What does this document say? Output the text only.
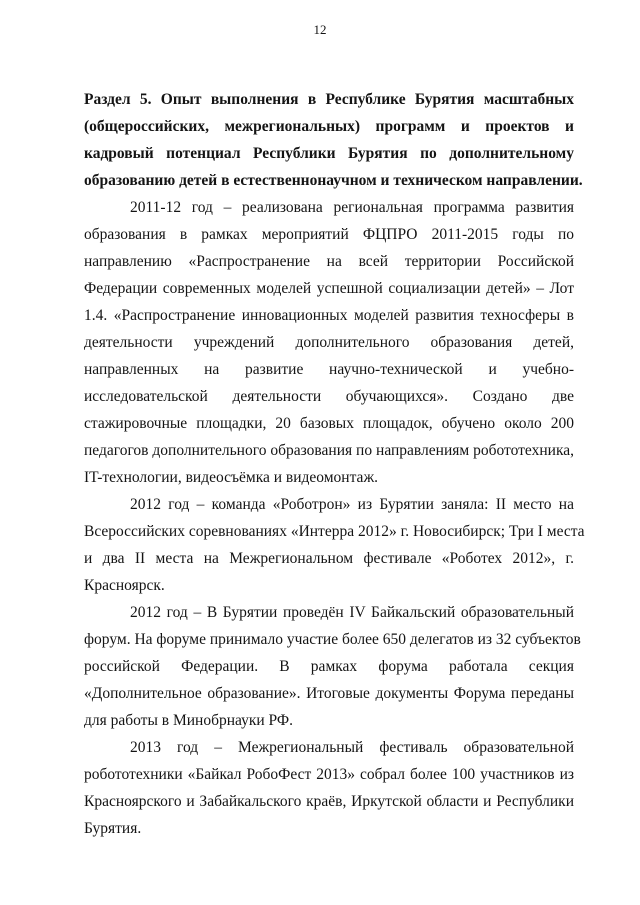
12
Раздел 5. Опыт выполнения в Республике Бурятия масштабных
(общероссийских, межрегиональных) программ и проектов и
кадровый потенциал Республики Бурятия по дополнительному
образованию детей в естественнонаучном и техническом направлении.
2011-12 год – реализована региональная программа развития
образования в рамках мероприятий ФЦПРО 2011-2015 годы по
направлению «Распространение на всей территории Российской
Федерации современных моделей успешной социализации детей» – Лот
1.4. «Распространение инновационных моделей развития техносферы в
деятельности учреждений дополнительного образования детей,
направленных на развитие научно-технической и учебно-
исследовательской деятельности обучающихся». Создано две
стажировочные площадки, 20 базовых площадок, обучено около 200
педагогов дополнительного образования по направлениям робототехника,
IT-технологии, видеосъёмка и видеомонтаж.
2012 год – команда «Роботрон» из Бурятии заняла: II место на
Всероссийских соревнованиях «Интерра 2012» г. Новосибирск; Три I места
и два II места на Межрегиональном фестивале «Роботех 2012», г.
Красноярск.
2012 год – В Бурятии проведён IV Байкальский образовательный
форум. На форуме принимало участие более 650 делегатов из 32 субъектов
российской Федерации. В рамках форума работала секция
«Дополнительное образование». Итоговые документы Форума переданы
для работы в Минобрнауки РФ.
2013 год – Межрегиональный фестиваль образовательной
робототехники «Байкал РобоФест 2013» собрал более 100 участников из
Красноярского и Забайкальского краёв, Иркутской области и Республики
Бурятия.
